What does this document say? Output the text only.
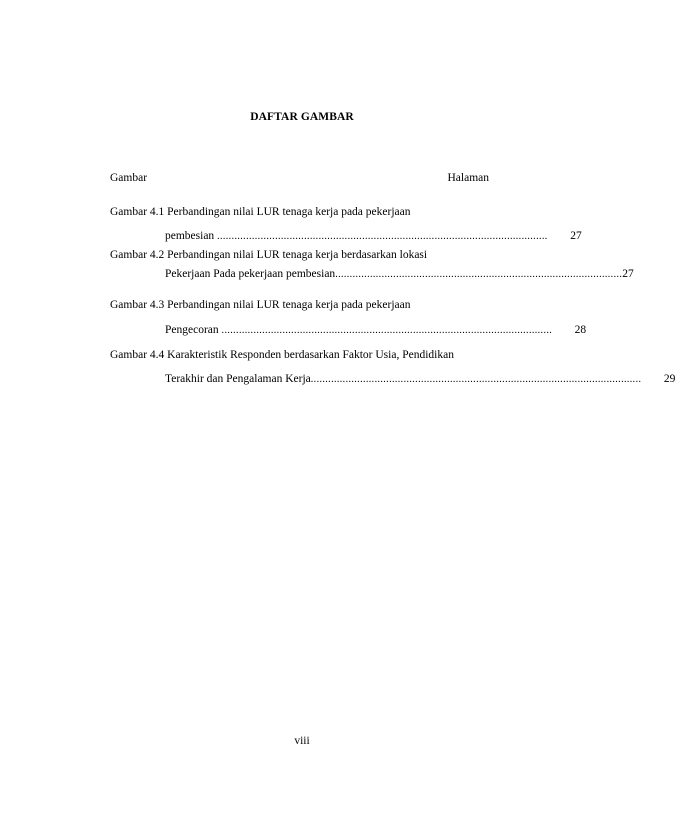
DAFTAR GAMBAR
Gambar	Halaman
Gambar 4.1 Perbandingan nilai LUR tenaga kerja pada pekerjaan
pembesian ..................................................................................................................	27
Gambar 4.2 Perbandingan nilai LUR tenaga kerja berdasarkan lokasi
Pekerjaan Pada pekerjaan pembesian ................................................................................................... 27
Gambar 4.3 Perbandingan nilai LUR tenaga kerja pada pekerjaan
Pengecoran ..................................................................................................................	28
Gambar 4.4 Karakteristik Responden berdasarkan Faktor Usia, Pendidikan
Terakhir dan Pengalaman Kerja ..................................................................................................................	29
viii
